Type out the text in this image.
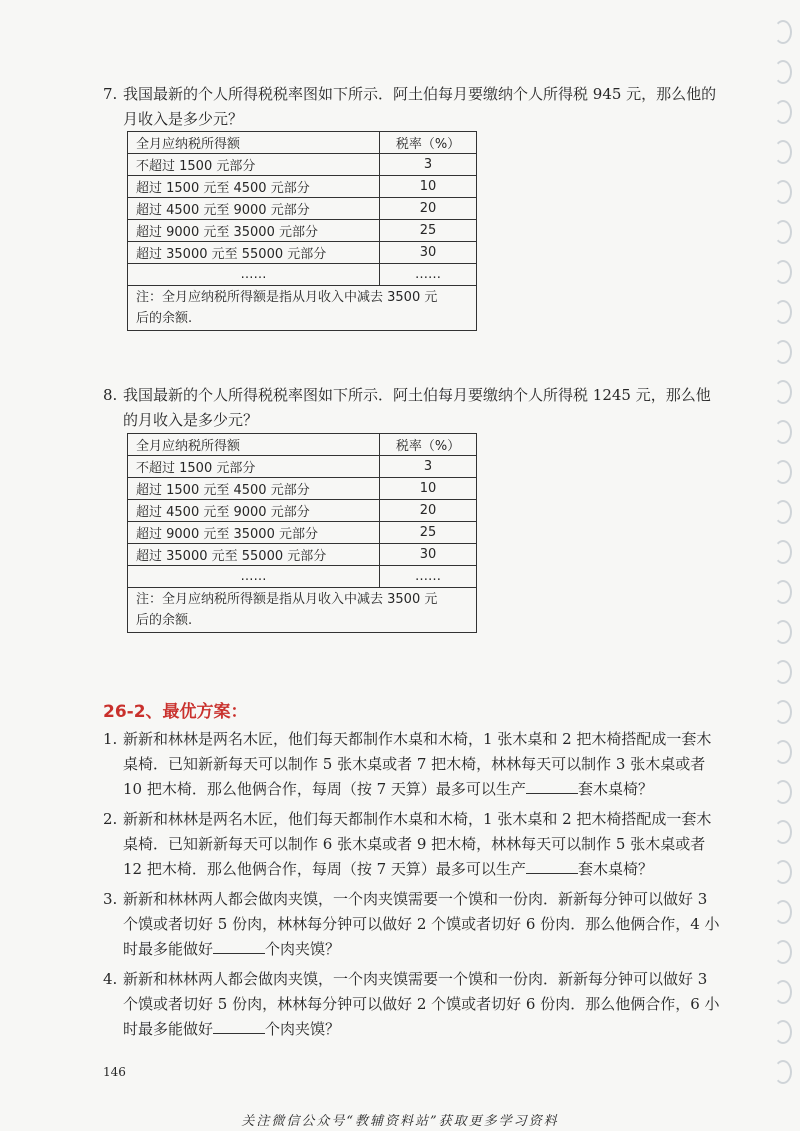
7. 我国最新的个人所得税税率图如下所示．阿土伯每月要缴纳个人所得税 945 元，那么他的
月收入是多少元？
全月应纳税所得额	税率（%）
不超过 1500 元部分	3
超过 1500 元至 4500 元部分	10
超过 4500 元至 9000 元部分	20
超过 9000 元至 35000 元部分	25
超过 35000 元至 55000 元部分	30
……	……

注：全月应纳税所得额是指从月收入中减去 3500 元
后的余额.	
8. 我国最新的个人所得税税率图如下所示．阿土伯每月要缴纳个人所得税 1245 元，那么他
的月收入是多少元？
全月应纳税所得额	税率（%）
不超过 1500 元部分	3
超过 1500 元至 4500 元部分	10
超过 4500 元至 9000 元部分	20
超过 9000 元至 35000 元部分	25
超过 35000 元至 55000 元部分	30
……	……

注：全月应纳税所得额是指从月收入中减去 3500 元
后的余额.	
26-2、最优方案：
1. 新新和林林是两名木匠，他们每天都制作木桌和木椅，1 张木桌和 2 把木椅搭配成一套木
桌椅．已知新新每天可以制作 5 张木桌或者 7 把木椅，林林每天可以制作 3 张木桌或者
10 把木椅．那么他俩合作，每周（按 7 天算）最多可以生产	套木桌椅？
2. 新新和林林是两名木匠，他们每天都制作木桌和木椅，1 张木桌和 2 把木椅搭配成一套木
桌椅．已知新新每天可以制作 6 张木桌或者 9 把木椅，林林每天可以制作 5 张木桌或者
12 把木椅．那么他俩合作，每周（按 7 天算）最多可以生产	套木桌椅？
3. 新新和林林两人都会做肉夹馍，一个肉夹馍需要一个馍和一份肉．新新每分钟可以做好 3
个馍或者切好 5 份肉，林林每分钟可以做好 2 个馍或者切好 6 份肉．那么他俩合作，4 小
时最多能做好	个肉夹馍？
4. 新新和林林两人都会做肉夹馍，一个肉夹馍需要一个馍和一份肉．新新每分钟可以做好 3
个馍或者切好 5 份肉，林林每分钟可以做好 2 个馍或者切好 6 份肉．那么他俩合作，6 小
时最多能做好	个肉夹馍？
146
关注微信公众号“教辅资料站”获取更多学习资料
